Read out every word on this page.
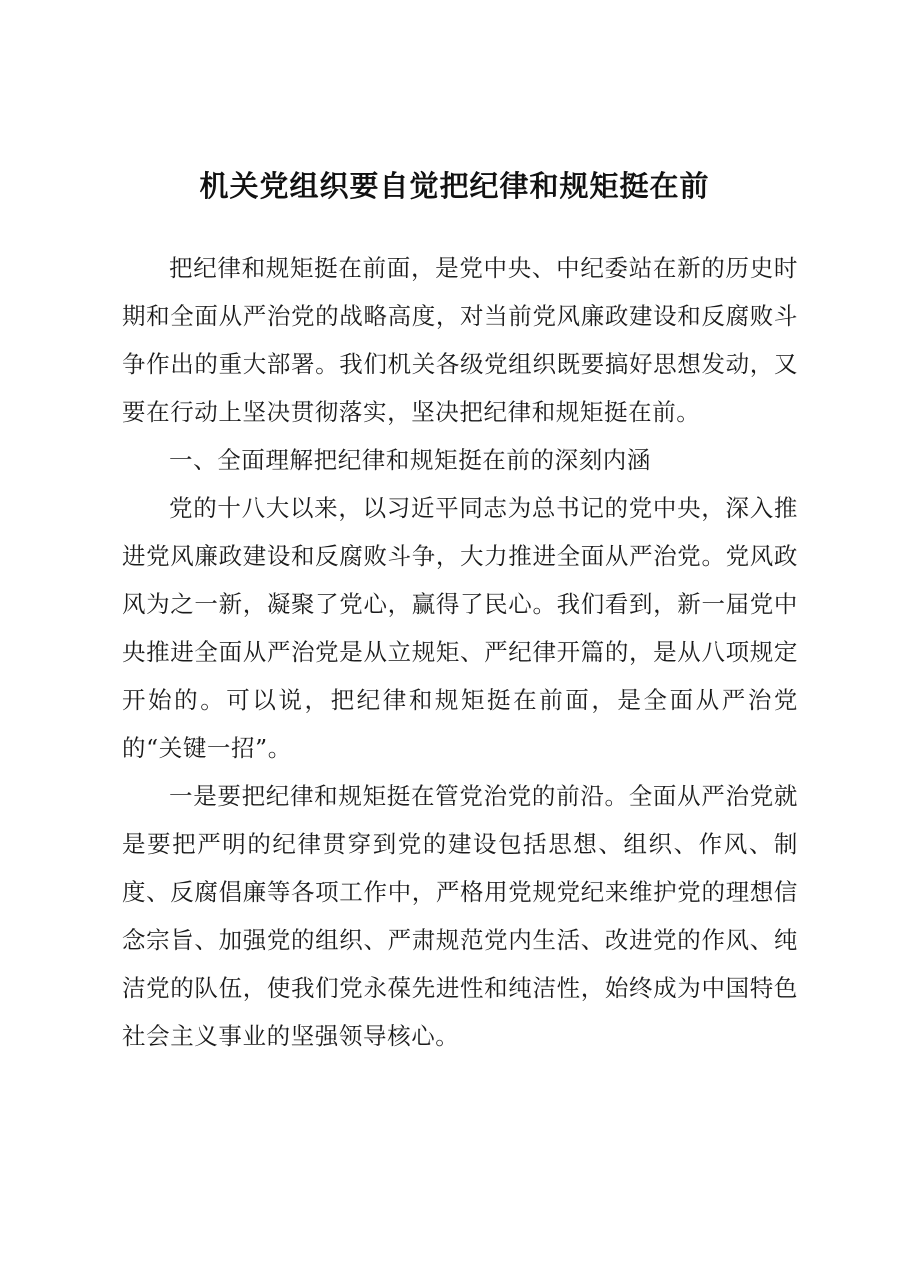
机关党组织要自觉把纪律和规矩挺在前

把纪律和规矩挺在前面，是党中央、中纪委站在新的历史时期和全面从严治党的战略高度，对当前党风廉政建设和反腐败斗争作出的重大部署。我们机关各级党组织既要搞好思想发动，又要在行动上坚决贯彻落实，坚决把纪律和规矩挺在前。

一、全面理解把纪律和规矩挺在前的深刻内涵

党的十八大以来，以习近平同志为总书记的党中央，深入推进党风廉政建设和反腐败斗争，大力推进全面从严治党。党风政风为之一新，凝聚了党心，赢得了民心。我们看到，新一届党中央推进全面从严治党是从立规矩、严纪律开篇的，是从八项规定开始的。可以说，把纪律和规矩挺在前面，是全面从严治党的“关键一招”。

一是要把纪律和规矩挺在管党治党的前沿。全面从严治党就是要把严明的纪律贯穿到党的建设包括思想、组织、作风、制度、反腐倡廉等各项工作中，严格用党规党纪来维护党的理想信念宗旨、加强党的组织、严肃规范党内生活、改进党的作风、纯洁党的队伍，使我们党永葆先进性和纯洁性，始终成为中国特色社会主义事业的坚强领导核心。
